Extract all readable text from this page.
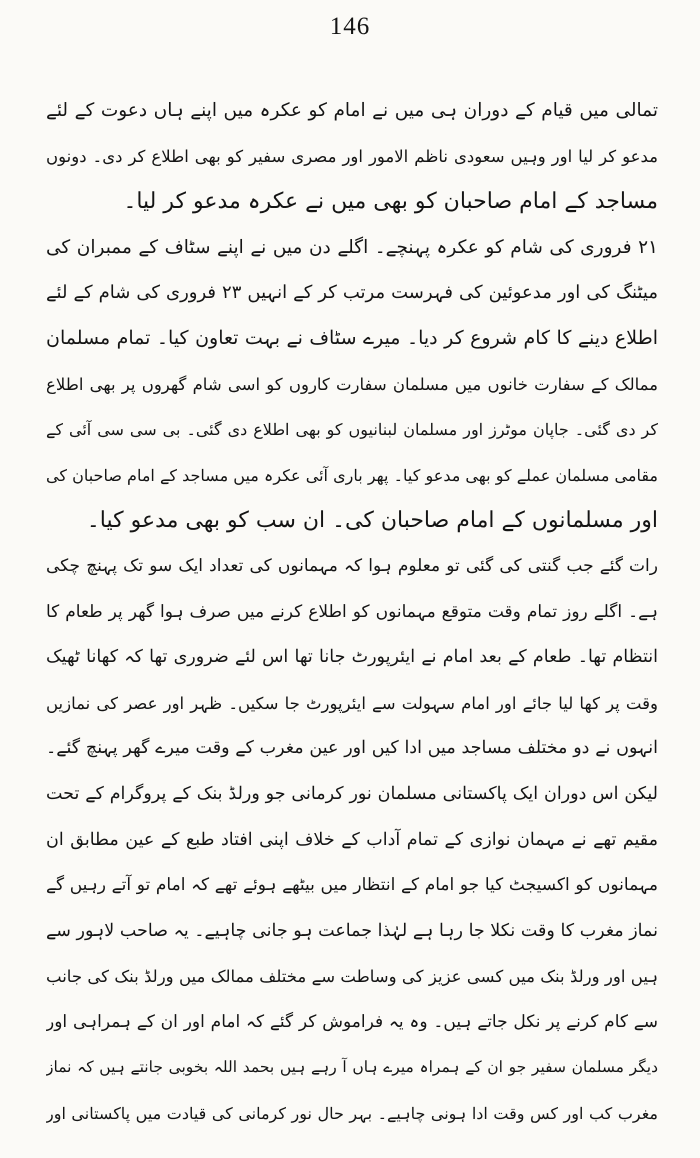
146
تمالی میں قیام کے دوران ہی میں نے امام کو عکرہ میں اپنے ہاں دعوت کے لئے
مدعو کر لیا اور وہیں سعودی ناظم الامور اور مصری سفیر کو بھی اطلاع کر دی۔ دونوں
مساجد کے امام صاحبان کو بھی میں نے عکرہ مدعو کر لیا۔
۲۱ فروری کی شام کو عکرہ پہنچے۔ اگلے دن میں نے اپنے سٹاف کے ممبران کی
میٹنگ کی اور مدعوئین کی فہرست مرتب کر کے انہیں ۲۳ فروری کی شام کے لئے
اطلاع دینے کا کام شروع کر دیا۔ میرے سٹاف نے بہت تعاون کیا۔ تمام مسلمان
ممالک کے سفارت خانوں میں مسلمان سفارت کاروں کو اسی شام گھروں پر بھی اطلاع
کر دی گئی۔ جاپان موٹرز اور مسلمان لبنانیوں کو بھی اطلاع دی گئی۔ بی سی سی آئی کے
مقامی مسلمان عملے کو بھی مدعو کیا۔ پھر باری آئی عکرہ میں مساجد کے امام صاحبان کی
اور مسلمانوں کے امام صاحبان کی۔ ان سب کو بھی مدعو کیا۔
رات گئے جب گنتی کی گئی تو معلوم ہوا کہ مہمانوں کی تعداد ایک سو تک پہنچ چکی
ہے۔ اگلے روز تمام وقت متوقع مہمانوں کو اطلاع کرنے میں صرف ہوا گھر پر طعام کا
انتظام تھا۔ طعام کے بعد امام نے ایئرپورٹ جانا تھا اس لئے ضروری تھا کہ کھانا ٹھیک
وقت پر کھا لیا جائے اور امام سہولت سے ایئرپورٹ جا سکیں۔ ظہر اور عصر کی نمازیں
انہوں نے دو مختلف مساجد میں ادا کیں اور عین مغرب کے وقت میرے گھر پہنچ گئے۔
لیکن اس دوران ایک پاکستانی مسلمان نور کرمانی جو ورلڈ بنک کے پروگرام کے تحت
مقیم تھے نے مہمان نوازی کے تمام آداب کے خلاف اپنی افتاد طبع کے عین مطابق ان
مہمانوں کو اکسیجٹ کیا جو امام کے انتظار میں بیٹھے ہوئے تھے کہ امام تو آتے رہیں گے
نماز مغرب کا وقت نکلا جا رہا ہے لہٰذا جماعت ہو جانی چاہیے۔ یہ صاحب لاہور سے
ہیں اور ورلڈ بنک میں کسی عزیز کی وساطت سے مختلف ممالک میں ورلڈ بنک کی جانب
سے کام کرنے پر نکل جاتے ہیں۔ وہ یہ فراموش کر گئے کہ امام اور ان کے ہمراہی اور
دیگر مسلمان سفیر جو ان کے ہمراہ میرے ہاں آ رہے ہیں بحمد اللہ بخوبی جانتے ہیں کہ نماز
مغرب کب اور کس وقت ادا ہونی چاہیے۔ بہر حال نور کرمانی کی قیادت میں پاکستانی اور
